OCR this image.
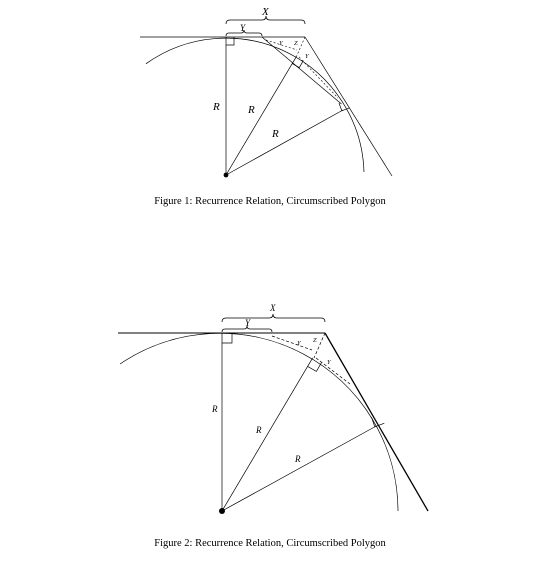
X
Y
R	R
R
Y Z
Y
Figure 1: Recurrence Relation, Circumscribed Polygon
X
Y
R
R
R
Y Z
Y
Figure 2: Recurrence Relation, Circumscribed Polygon
